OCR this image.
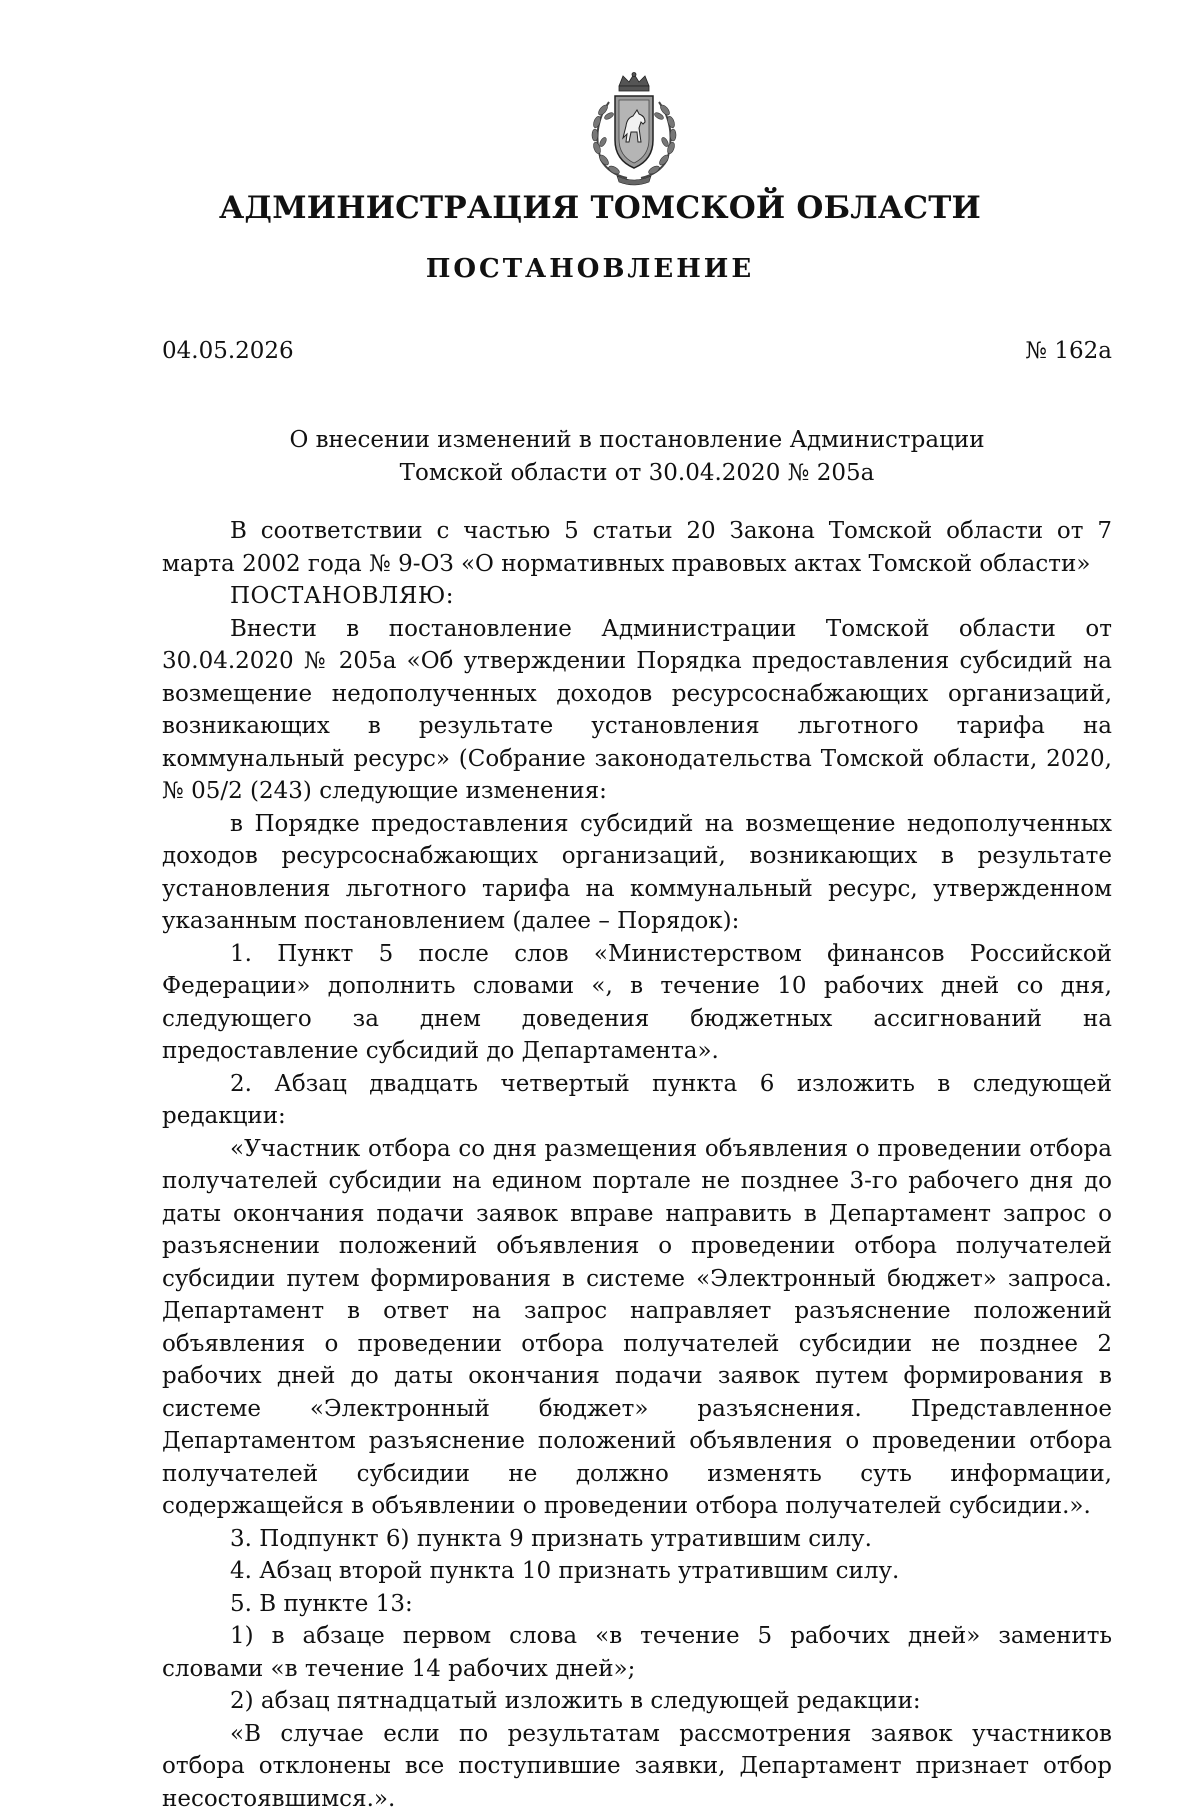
АДМИНИСТРАЦИЯ ТОМСКОЙ ОБЛАСТИ
ПОСТАНОВЛЕНИЕ
04.05.2026	№ 162а
О внесении изменений в постановление Администрации
Томской области от 30.04.2020 № 205а

В соответствии с частью 5 статьи 20 Закона Томской области от 7 марта 2002 года № 9-ОЗ «О нормативных правовых актах Томской области»

ПОСТАНОВЛЯЮ:

Внести в постановление Администрации Томской области от 30.04.2020 № 205а «Об утверждении Порядка предоставления субсидий на возмещение недополученных доходов ресурсоснабжающих организаций, возникающих в результате установления льготного тарифа на коммунальный ресурс» (Собрание законодательства Томской области, 2020, № 05/2 (243) следующие изменения:

в Порядке предоставления субсидий на возмещение недополученных доходов ресурсоснабжающих организаций, возникающих в результате установления льготного тарифа на коммунальный ресурс, утвержденном указанным постановлением (далее – Порядок):

1. Пункт 5 после слов «Министерством финансов Российской Федерации» дополнить словами «, в течение 10 рабочих дней со дня, следующего за днем доведения бюджетных ассигнований на предоставление субсидий до Департамента».

2. Абзац двадцать четвертый пункта 6 изложить в следующей редакции:

«Участник отбора со дня размещения объявления о проведении отбора получателей субсидии на едином портале не позднее 3-го рабочего дня до даты окончания подачи заявок вправе направить в Департамент запрос о разъяснении положений объявления о проведении отбора получателей субсидии путем формирования в системе «Электронный бюджет» запроса. Департамент в ответ на запрос направляет разъяснение положений объявления о проведении отбора получателей субсидии не позднее 2 рабочих дней до даты окончания подачи заявок путем формирования в системе «Электронный бюджет» разъяснения. Представленное Департаментом разъяснение положений объявления о проведении отбора получателей субсидии не должно изменять суть информации, содержащейся в объявлении о проведении отбора получателей субсидии.».

3. Подпункт 6) пункта 9 признать утратившим силу.

4. Абзац второй пункта 10 признать утратившим силу.

5. В пункте 13:

1) в абзаце первом слова «в течение 5 рабочих дней» заменить словами «в течение 14 рабочих дней»;

2) абзац пятнадцатый изложить в следующей редакции:

«В случае если по результатам рассмотрения заявок участников отбора отклонены все поступившие заявки, Департамент признает отбор несостоявшимся.».
